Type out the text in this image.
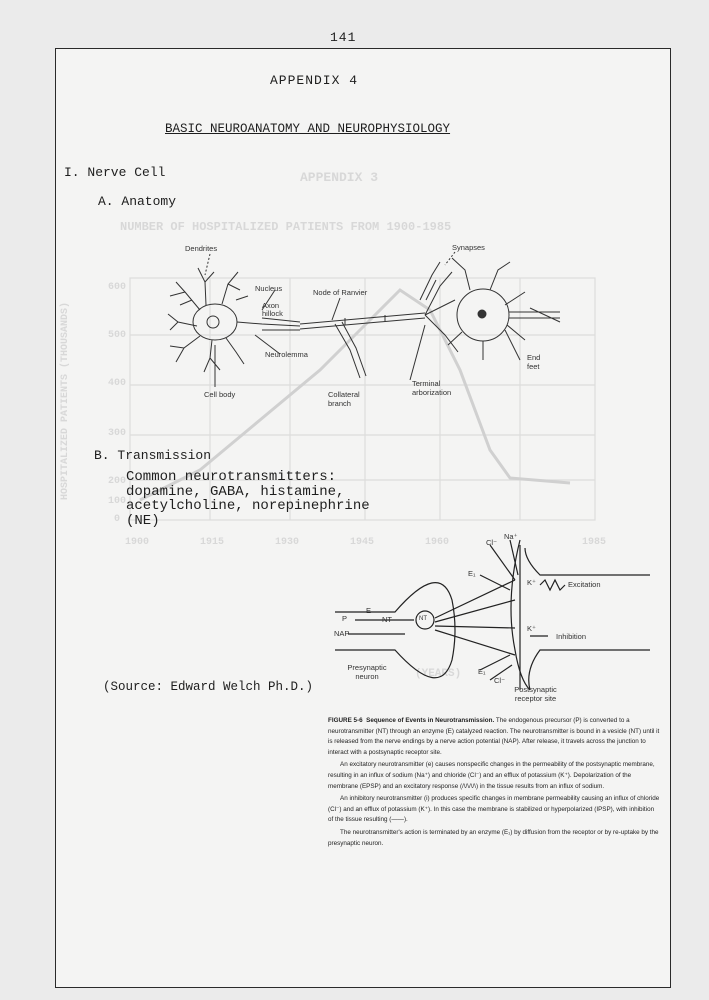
141
APPENDIX 3
NUMBER OF HOSPITALIZED PATIENTS FROM 1900-1985
HOSPITALIZED PATIENTS (THOUSANDS)
600
500
400
300
200
100
0
1900	1915	1930	1945	1960	1985
(YEARS)
APPENDIX 4
BASIC NEUROANATOMY AND NEUROPHYSIOLOGY
I. Nerve Cell
A. Anatomy
Dendrites
Nucleus
Axon hillock
Node of Ranvier
Synapses
Neurolemma
Cell body	Collateral branch
Terminal arborization
End feet
B. Transmission
Common neurotransmitters:
dopamine, GABA, histamine, acetylcholine, norepinephrine (NE)
P
E
NT	NT
NAP
Presynaptic neuron
Postsynaptic receptor site
Cl⁻
Na⁺
E₁
K⁺	Excitation
K⁺
Inhibition
Cl⁻
E₁
(Source: Edward Welch Ph.D.)

FIGURE 5-6 Sequence of Events in Neurotransmission. The endogenous precursor (P) is converted to a neurotransmitter (NT) through an enzyme (E) catalyzed reaction. The neurotransmitter is bound in a vesicle (NT) until it is released from the nerve endings by a nerve action potential (NAP). After release, it travels across the junction to interact with a postsynaptic receptor site.

An excitatory neurotransmitter (e) causes nonspecific changes in the permeability of the postsynaptic membrane, resulting in an influx of sodium (Na⁺) and chloride (Cl⁻) and an efflux of potassium (K⁺). Depolarization of the membrane (EPSP) and an excitatory response (/\/\/\/\) in the tissue results from an influx of sodium.

An inhibitory neurotransmitter (i) produces specific changes in membrane permeability causing an influx of chloride (Cl⁻) and an efflux of potassium (K⁺). In this case the membrane is stabilized or hyperpolarized (IPSP), with inhibition of the tissue resulting (——).

The neurotransmitter's action is terminated by an enzyme (E₁) by diffusion from the receptor or by re-uptake by the presynaptic neuron.
